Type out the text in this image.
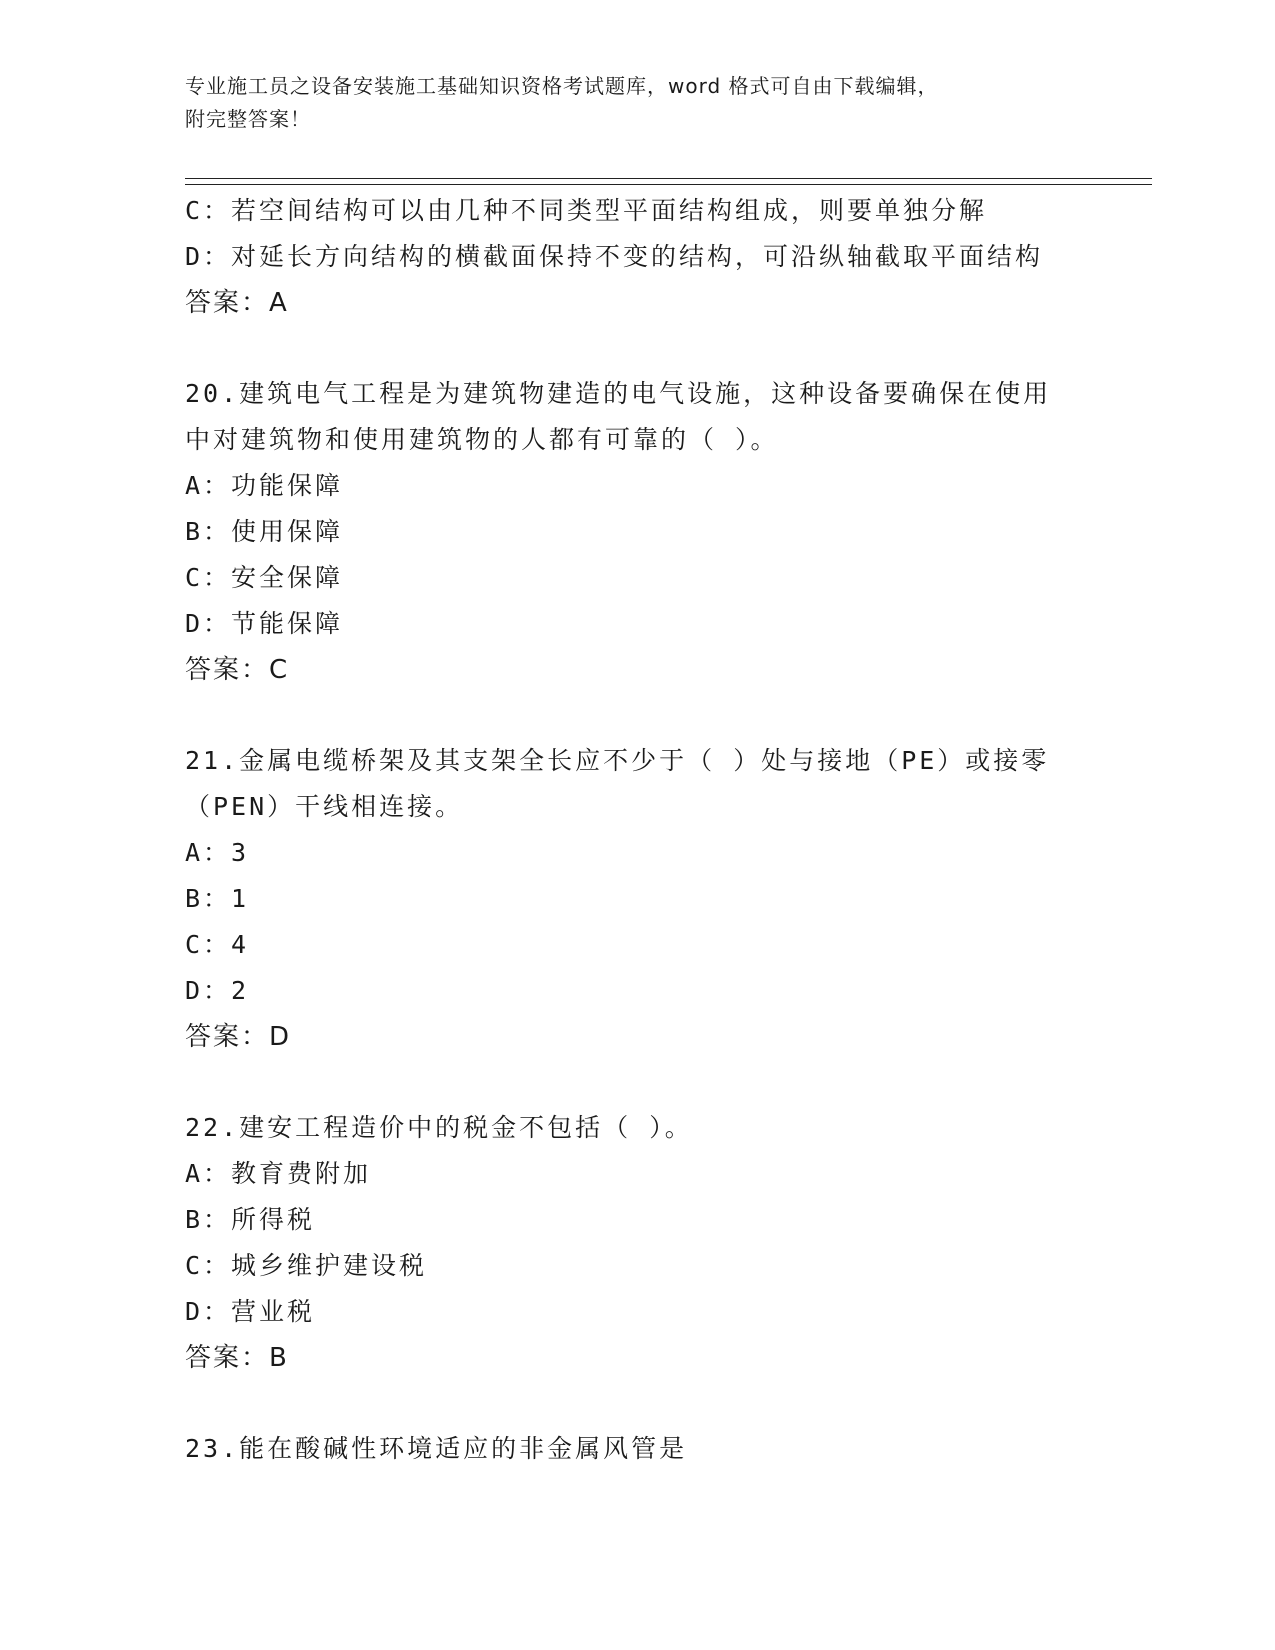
专业施工员之设备安装施工基础知识资格考试题库，word 格式可自由下载编辑，

附完整答案！

C：若空间结构可以由几种不同类型平面结构组成，则要单独分解

D：对延长方向结构的横截面保持不变的结构，可沿纵轴截取平面结构

答案：A

20.建筑电气工程是为建筑物建造的电气设施，这种设备要确保在使用

中对建筑物和使用建筑物的人都有可靠的（ ）。

A：功能保障

B：使用保障

C：安全保障

D：节能保障

答案：C

21.金属电缆桥架及其支架全长应不少于（ ）处与接地（PE）或接零

（PEN）干线相连接。

A：3

B：1

C：4

D：2

答案：D

22.建安工程造价中的税金不包括（ ）。

A：教育费附加

B：所得税

C：城乡维护建设税

D：营业税

答案：B

23.能在酸碱性环境适应的非金属风管是
